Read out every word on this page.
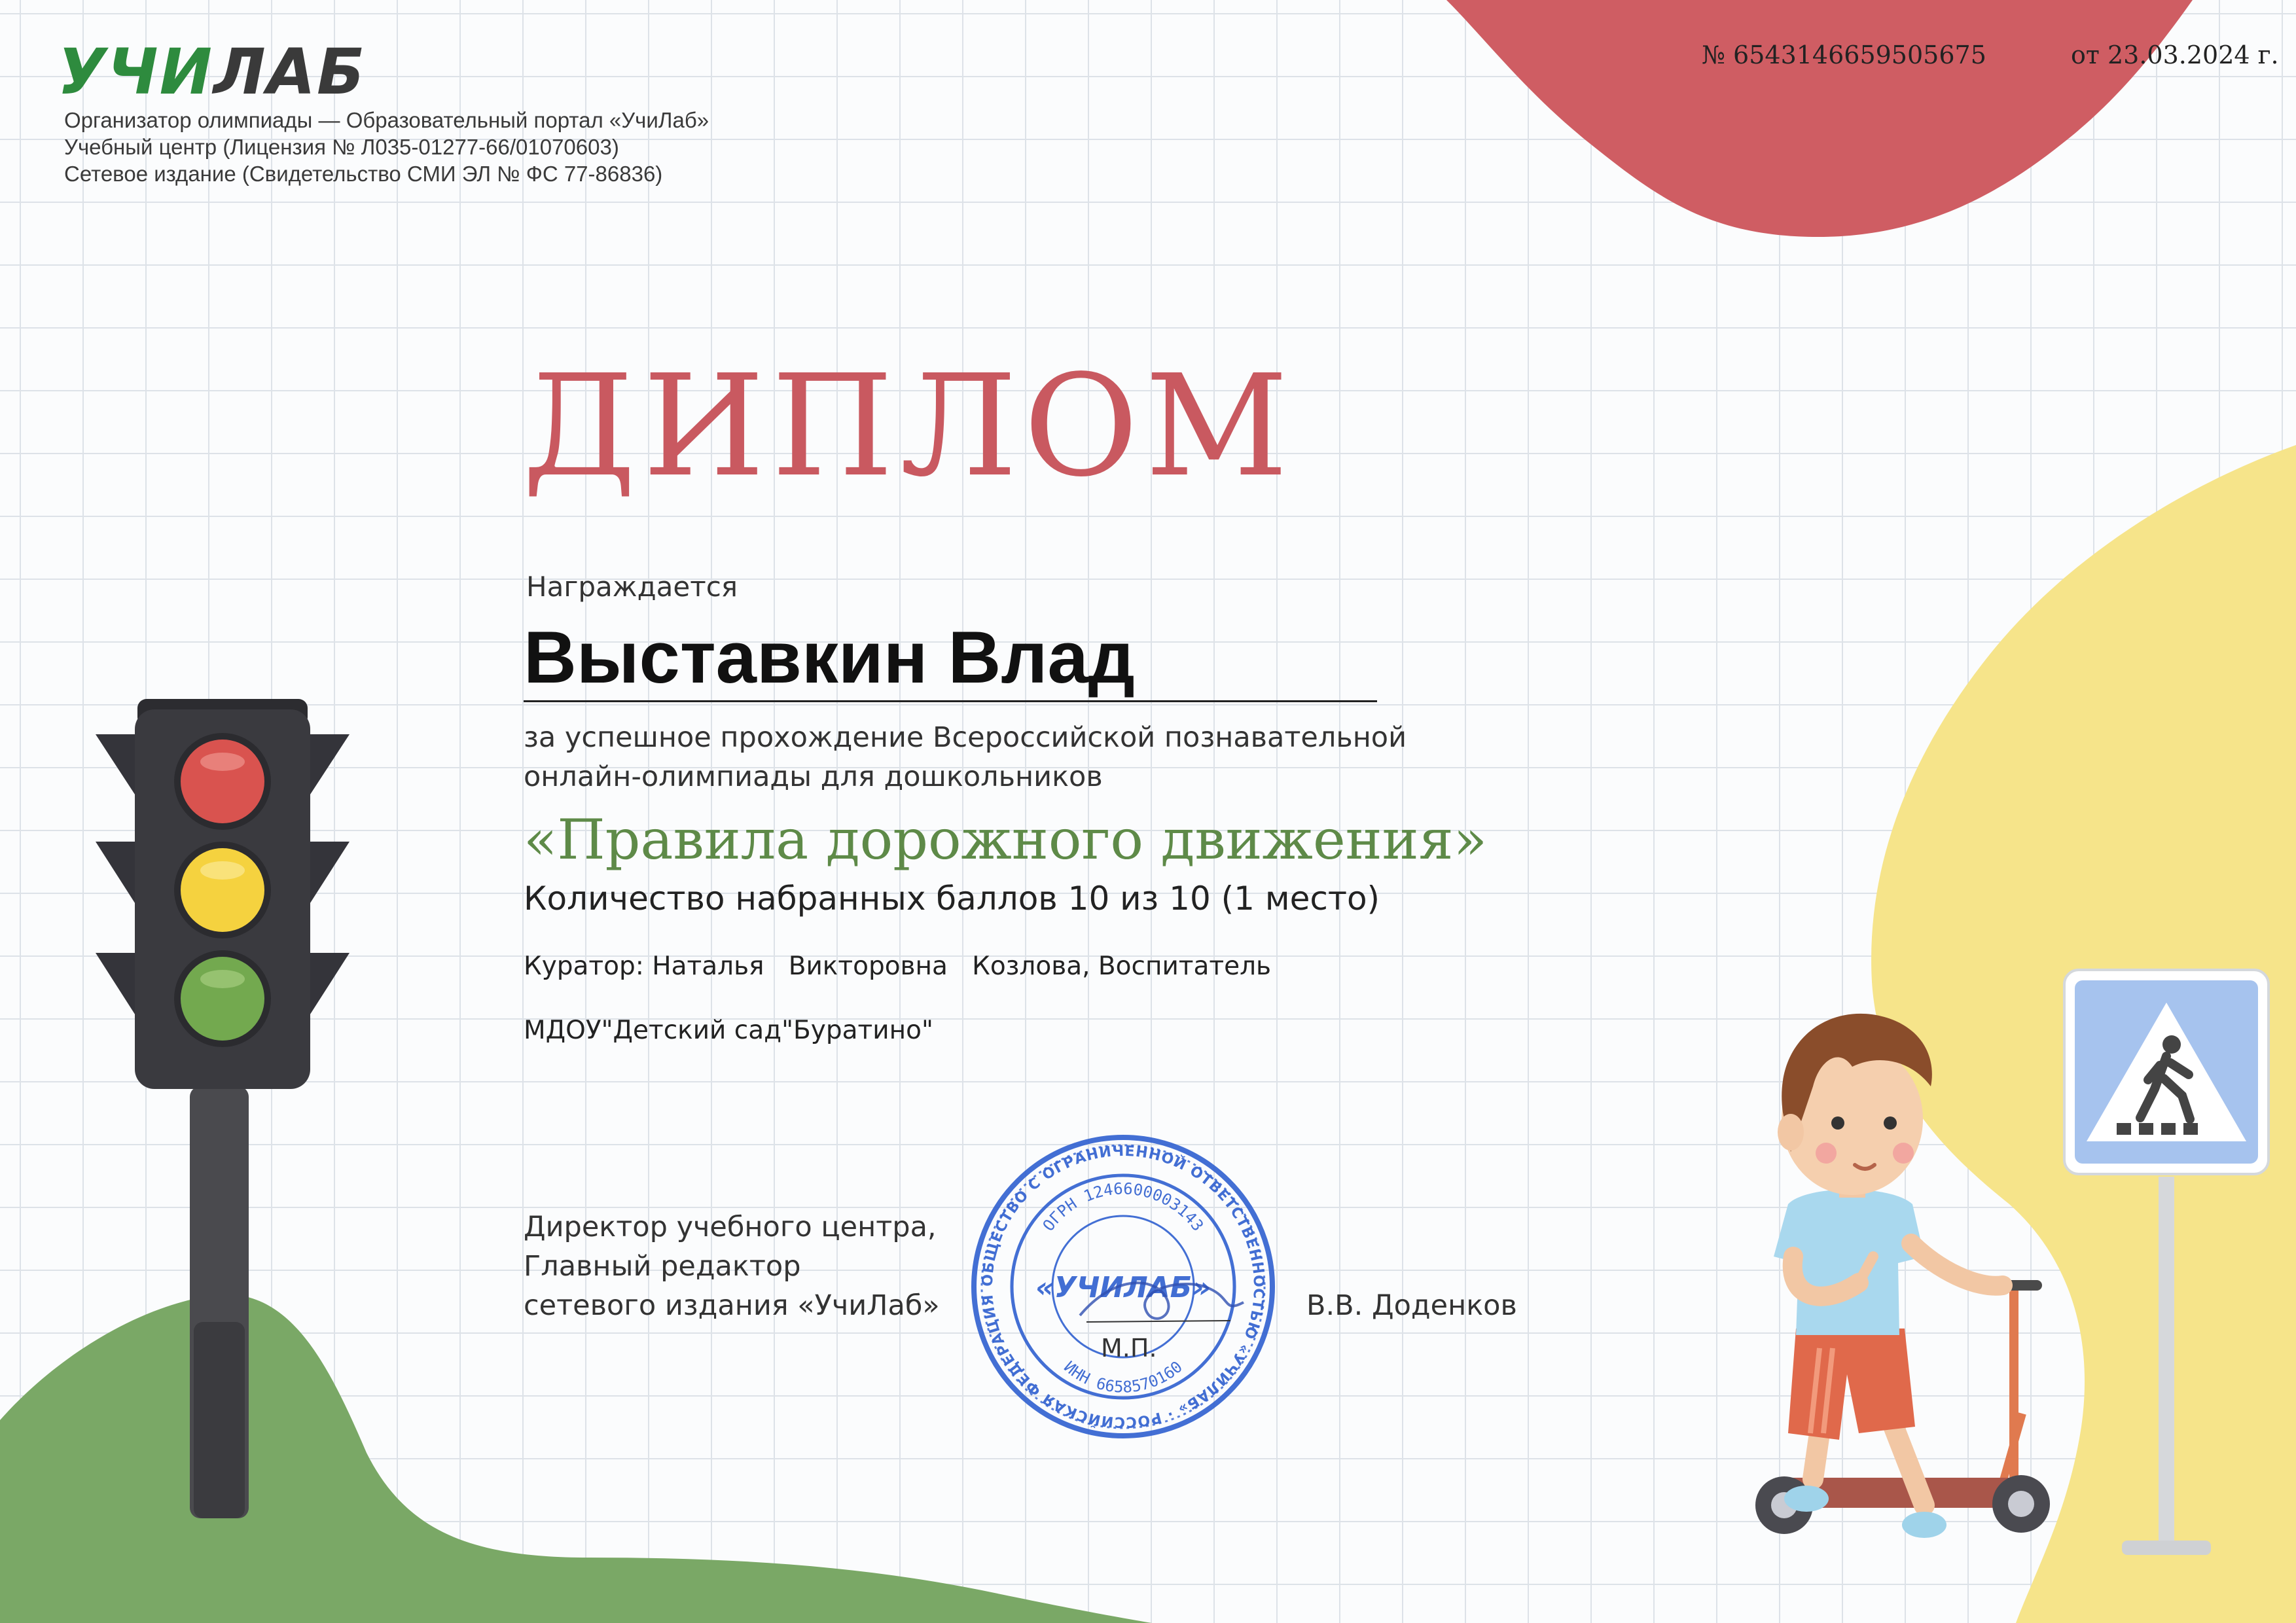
УЧИЛАБ
Организатор олимпиады — Образовательный портал «УчиЛаб»
Учебный центр (Лицензия № Л035-01277-66/01070603)
Сетевое издание (Свидетельство СМИ ЭЛ № ФС 77-86836)
№ 6543146659505675	от 23.03.2024 г.
ДИПЛОМ
Награждается
Выставкин Влад
за успешное прохождение Всероссийской познавательной
онлайн-олимпиады для дошкольников
«Правила дорожного движения»
Количество набранных баллов 10 из 10 (1 место)
Куратор: Наталья   Викторовна   Козлова, Воспитатель
МДОУ"Детский сад"Буратино"
Директор учебного центра,
Главный редактор
сетевого издания «УчиЛаб»
ОБЩЕСТВО С ОГРАНИЧЕННОЙ ОТВЕТСТВЕННОСТЬЮ «УЧИЛАБ» · РОССИЙСКАЯ ФЕДЕРАЦИЯ г. ЕКАТЕРИНБУРГ ·
ОГРН 1246600003143
ИНН 6658570160
«УЧИЛАБ»
М.П.
В.В. Доденков
